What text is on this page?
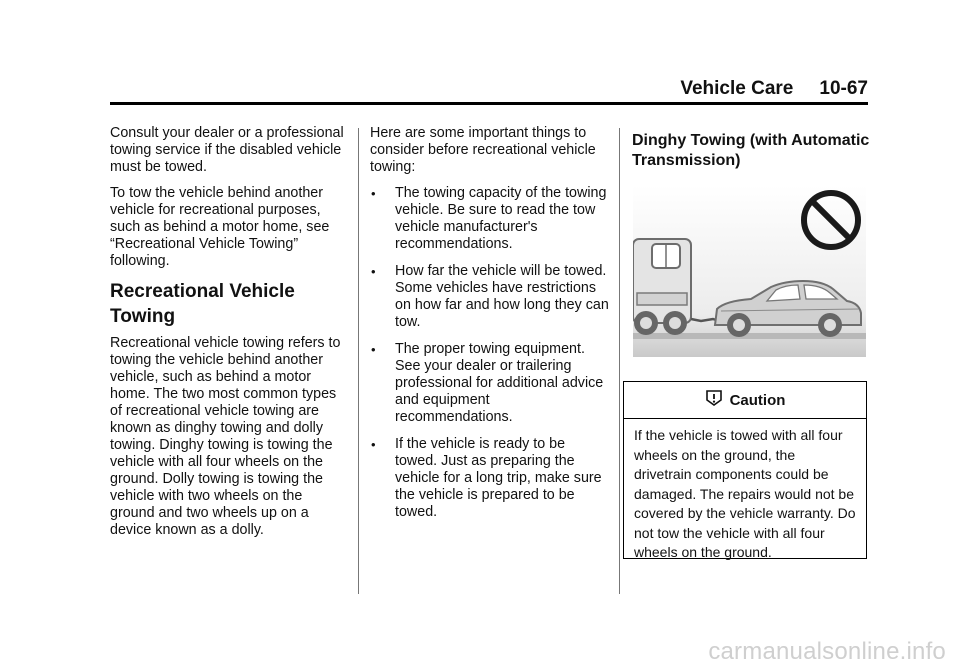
Vehicle Care 10-67

Consult your dealer or a professional towing service if the disabled vehicle must be towed.

To tow the vehicle behind another vehicle for recreational purposes, such as behind a motor home, see “Recreational Vehicle Towing” following.

Recreational Vehicle Towing

Recreational vehicle towing refers to towing the vehicle behind another vehicle, such as behind a motor home. The two most common types of recreational vehicle towing are known as dinghy towing and dolly towing. Dinghy towing is towing the vehicle with all four wheels on the ground. Dolly towing is towing the vehicle with two wheels on the ground and two wheels up on a device known as a dolly.

Here are some important things to consider before recreational vehicle towing:

• The towing capacity of the towing vehicle. Be sure to read the tow vehicle manufacturer's recommendations.
• How far the vehicle will be towed. Some vehicles have restrictions on how far and how long they can tow.
• The proper towing equipment. See your dealer or trailering professional for additional advice and equipment recommendations.
• If the vehicle is ready to be towed. Just as preparing the vehicle for a long trip, make sure the vehicle is prepared to be towed.
Dinghy Towing (with Automatic Transmission)
Caution
If the vehicle is towed with all four wheels on the ground, the drivetrain components could be damaged. The repairs would not be covered by the vehicle warranty. Do not tow the vehicle with all four wheels on the ground.
carmanualsonline.info
